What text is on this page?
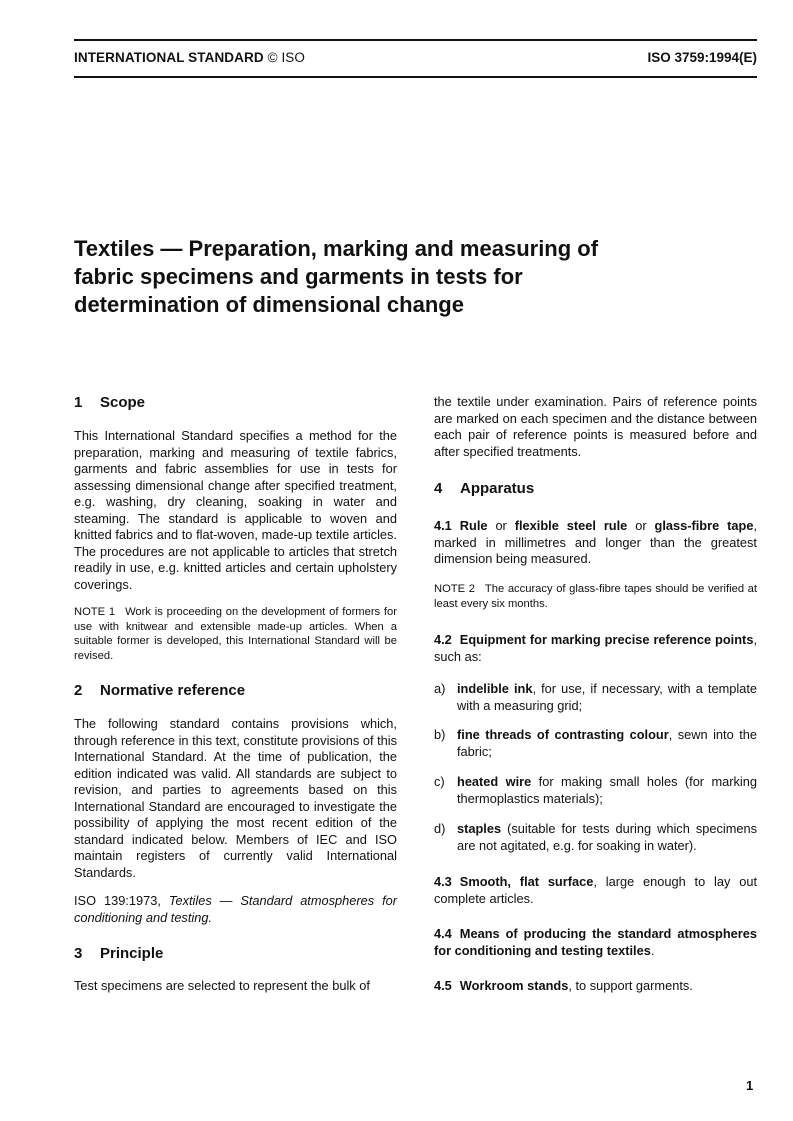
INTERNATIONAL STANDARD © ISO	ISO 3759:1994(E)
Textiles — Preparation, marking and measuring of
fabric specimens and garments in tests for
determination of dimensional change
1 Scope

This International Standard specifies a method for the preparation, marking and measuring of textile fabrics, garments and fabric assemblies for use in tests for assessing dimensional change after specified treatment, e.g. washing, dry cleaning, soaking in water and steaming. The standard is applicable to woven and knitted fabrics and to flat-woven, made-up textile articles. The procedures are not applicable to articles that stretch readily in use, e.g. knitted articles and certain upholstery coverings.

NOTE 1 Work is proceeding on the development of formers for use with knitwear and extensible made-up articles. When a suitable former is developed, this International Standard will be revised.

2 Normative reference

The following standard contains provisions which, through reference in this text, constitute provisions of this International Standard. At the time of publication, the edition indicated was valid. All standards are subject to revision, and parties to agreements based on this International Standard are encouraged to investigate the possibility of applying the most recent edition of the standard indicated below. Members of IEC and ISO maintain registers of currently valid International Standards.

ISO 139:1973, Textiles — Standard atmospheres for conditioning and testing.

3 Principle

Test specimens are selected to represent the bulk of

the textile under examination. Pairs of reference points are marked on each specimen and the distance between each pair of reference points is measured before and after specified treatments.

4 Apparatus

4.1 Rule or flexible steel rule or glass-fibre tape, marked in millimetres and longer than the greatest dimension being measured.

NOTE 2 The accuracy of glass-fibre tapes should be verified at least every six months.

4.2 Equipment for marking precise reference points, such as:

a) indelible ink, for use, if necessary, with a template with a measuring grid;
b) fine threads of contrasting colour, sewn into the fabric;
c) heated wire for making small holes (for marking thermoplastics materials);
d) staples (suitable for tests during which specimens are not agitated, e.g. for soaking in water).

4.3 Smooth, flat surface, large enough to lay out complete articles.

4.4 Means of producing the standard atmospheres for conditioning and testing textiles.

4.5 Workroom stands, to support garments.

1
